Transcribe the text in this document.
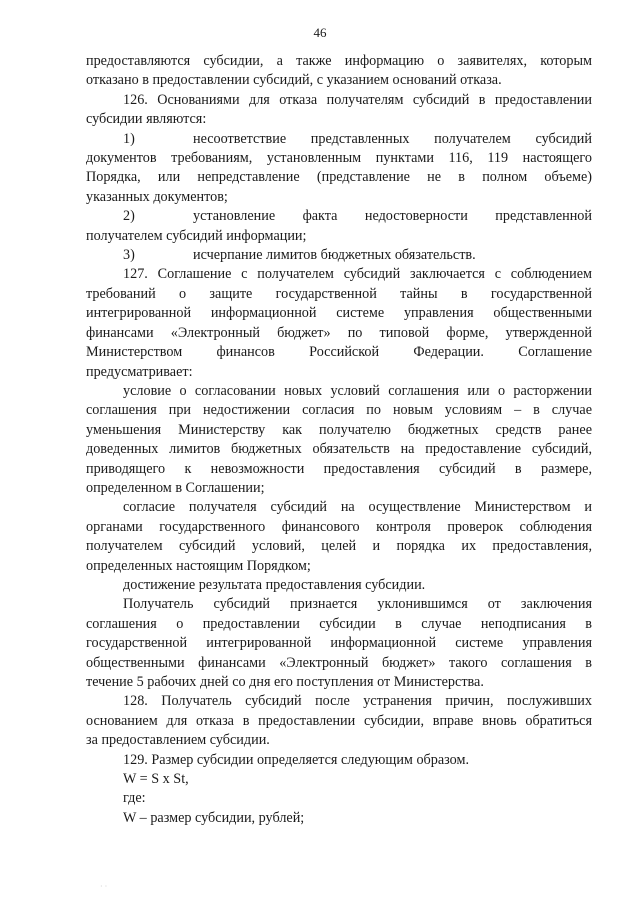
46
предоставляются субсидии, а также информацию о заявителях, которым
отказано в предоставлении субсидий, с указанием оснований отказа.
126. Основаниями для отказа получателям субсидий в предоставлении
субсидии являются:
1)	несоответствие представленных получателем субсидий
документов требованиям, установленным пунктами 116, 119 настоящего
Порядка, или непредставление (представление не в полном объеме)
указанных документов;
2)	установление факта недостоверности представленной
получателем субсидий информации;
3)	исчерпание лимитов бюджетных обязательств.
127. Соглашение с получателем субсидий заключается с соблюдением
требований о защите государственной тайны в государственной
интегрированной информационной системе управления общественными
финансами «Электронный бюджет» по типовой форме, утвержденной
Министерством финансов Российской Федерации. Соглашение
предусматривает:
условие о согласовании новых условий соглашения или о расторжении
соглашения при недостижении согласия по новым условиям – в случае
уменьшения Министерству как получателю бюджетных средств ранее
доведенных лимитов бюджетных обязательств на предоставление субсидий,
приводящего к невозможности предоставления субсидий в размере,
определенном в Соглашении;
согласие получателя субсидий на осуществление Министерством и
органами государственного финансового контроля проверок соблюдения
получателем субсидий условий, целей и порядка их предоставления,
определенных настоящим Порядком;
достижение результата предоставления субсидии.
Получатель субсидий признается уклонившимся от заключения
соглашения о предоставлении субсидии в случае неподписания в
государственной интегрированной информационной системе управления
общественными финансами «Электронный бюджет» такого соглашения в
течение 5 рабочих дней со дня его поступления от Министерства.
128. Получатель субсидий после устранения причин, послуживших
основанием для отказа в предоставлении субсидии, вправе вновь обратиться
за предоставлением субсидии.
129. Размер субсидии определяется следующим образом.
W = S x St,
где:
W – размер субсидии, рублей;
· ·
